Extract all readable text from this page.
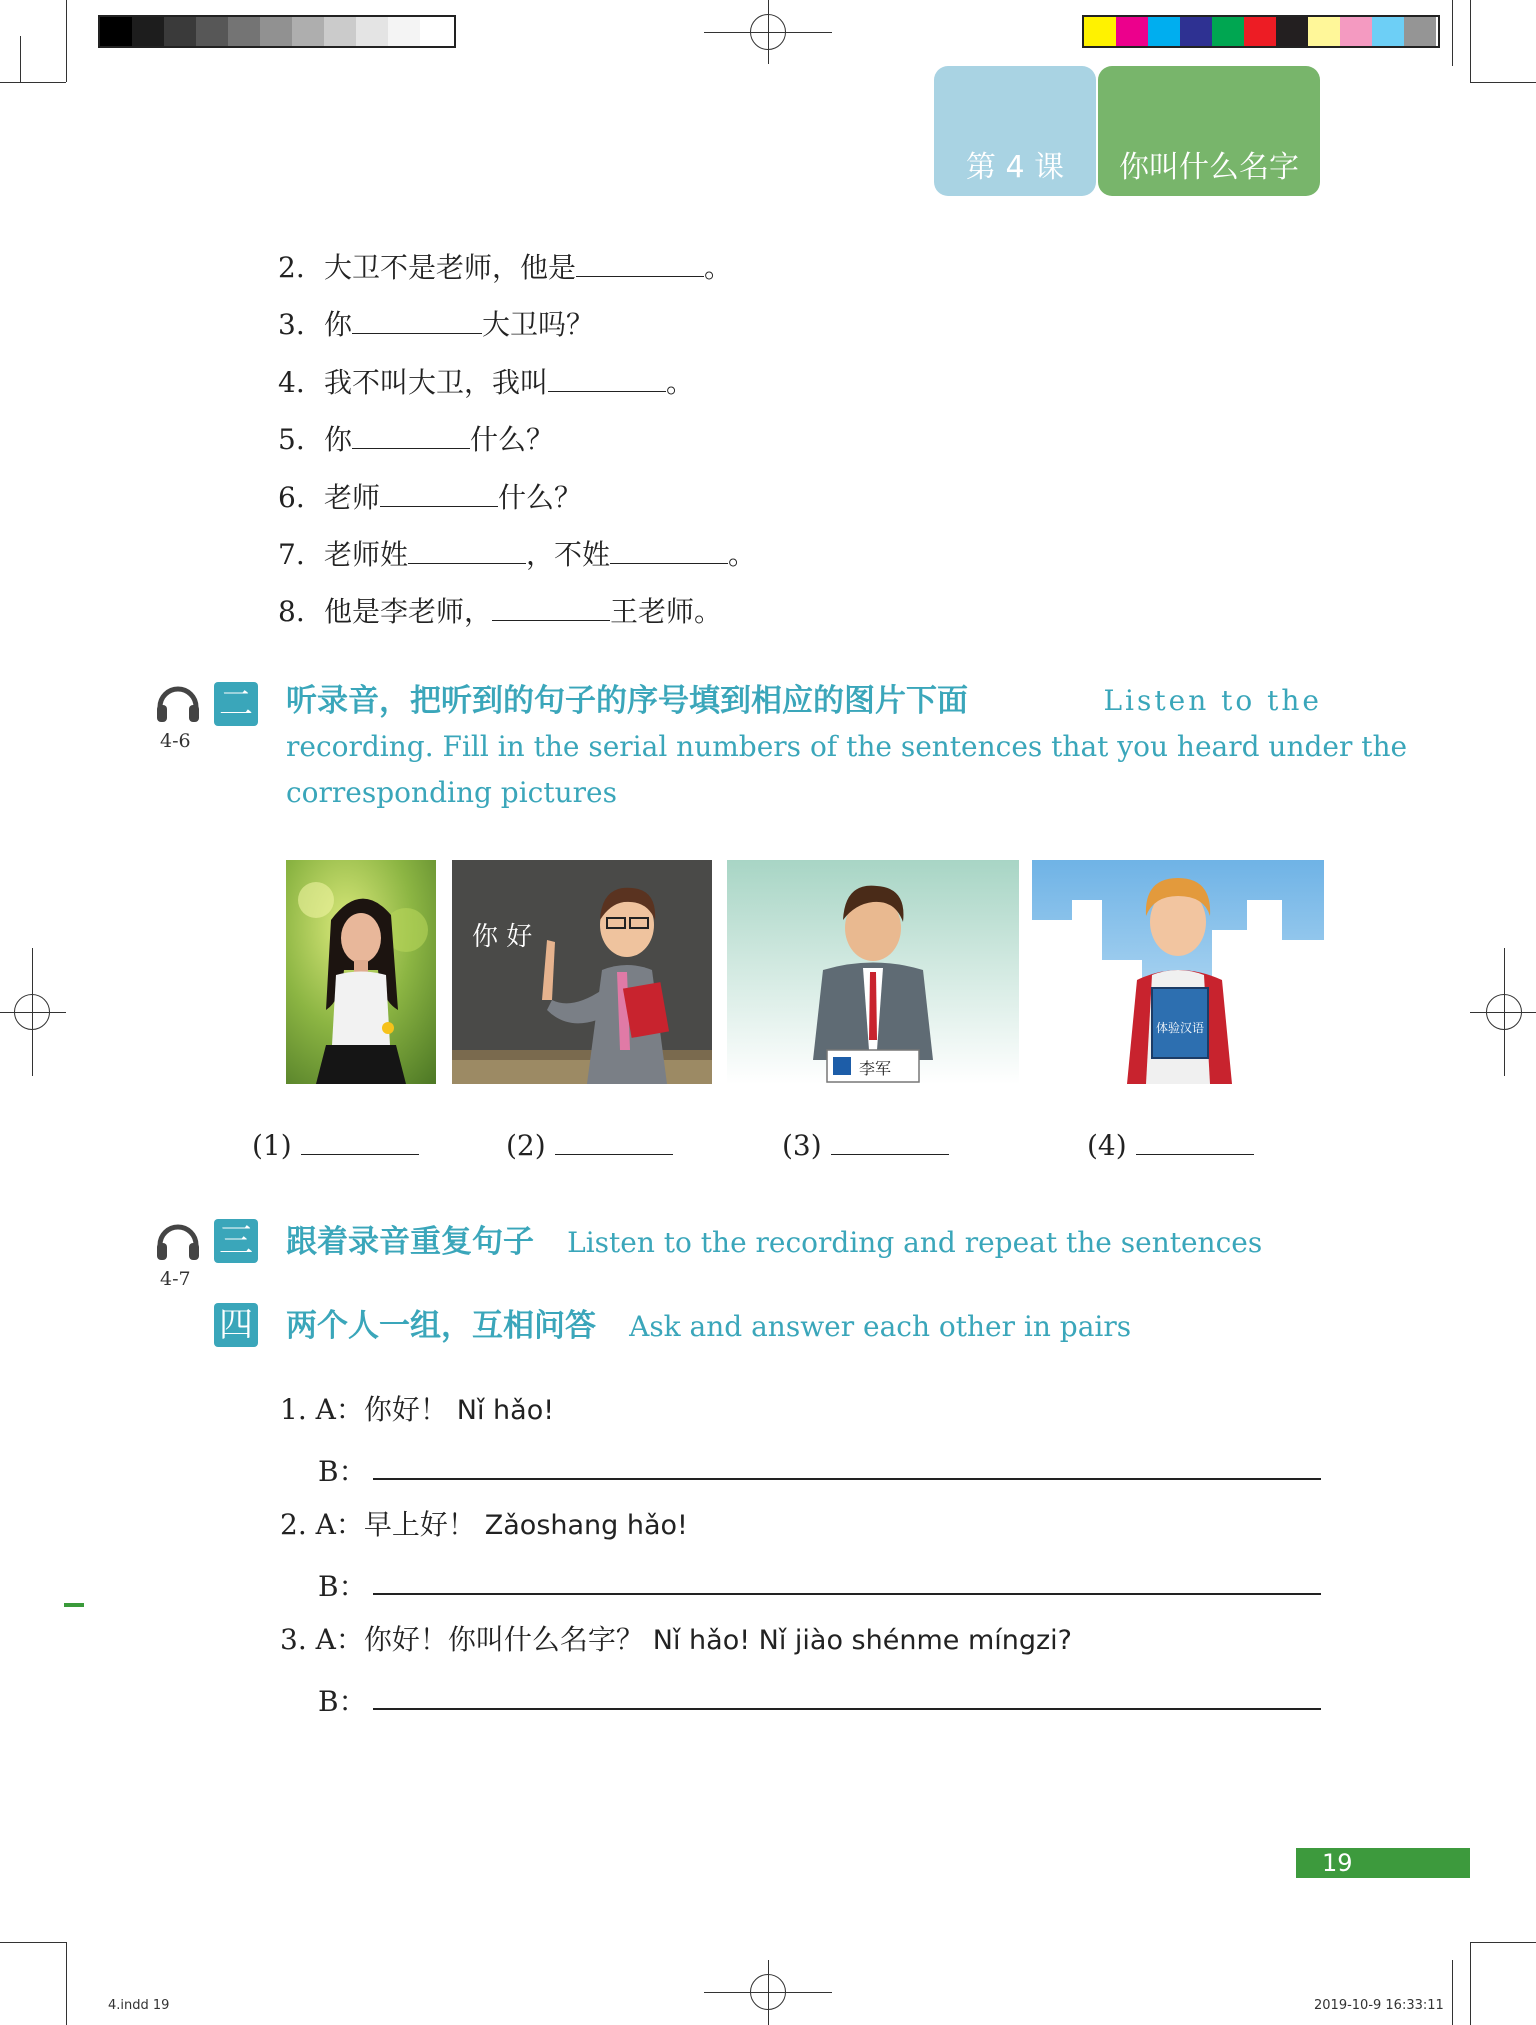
第 4 课	你叫什么名字
2. 大卫不是老师，他是	。
3. 你	大卫吗？
4. 我不叫大卫，我叫	。
5. 你	什么？
6. 老师	什么？
7. 老师姓	，不姓	。
8. 他是李老师，	王老师。
4-6
二 听录音，把听到的句子的序号填到相应的图片下面	Listen to the
recording. Fill in the serial numbers of the sentences that you heard under the
corresponding pictures
你 好
李军
体验汉语
(1)	(2)	(3)	(4)
4-7
三 跟着录音重复句子 Listen to the recording and repeat the sentences
四 两个人一组，互相问答 Ask and answer each other in pairs
1. A：你好！ Nǐ hǎo!
B：
2. A：早上好！ Zǎoshang hǎo!
B：
3. A：你好！你叫什么名字？ Nǐ hǎo! Nǐ jiào shénme míngzi?
B：
19
4.indd 19	2019-10-9 16:33:11
